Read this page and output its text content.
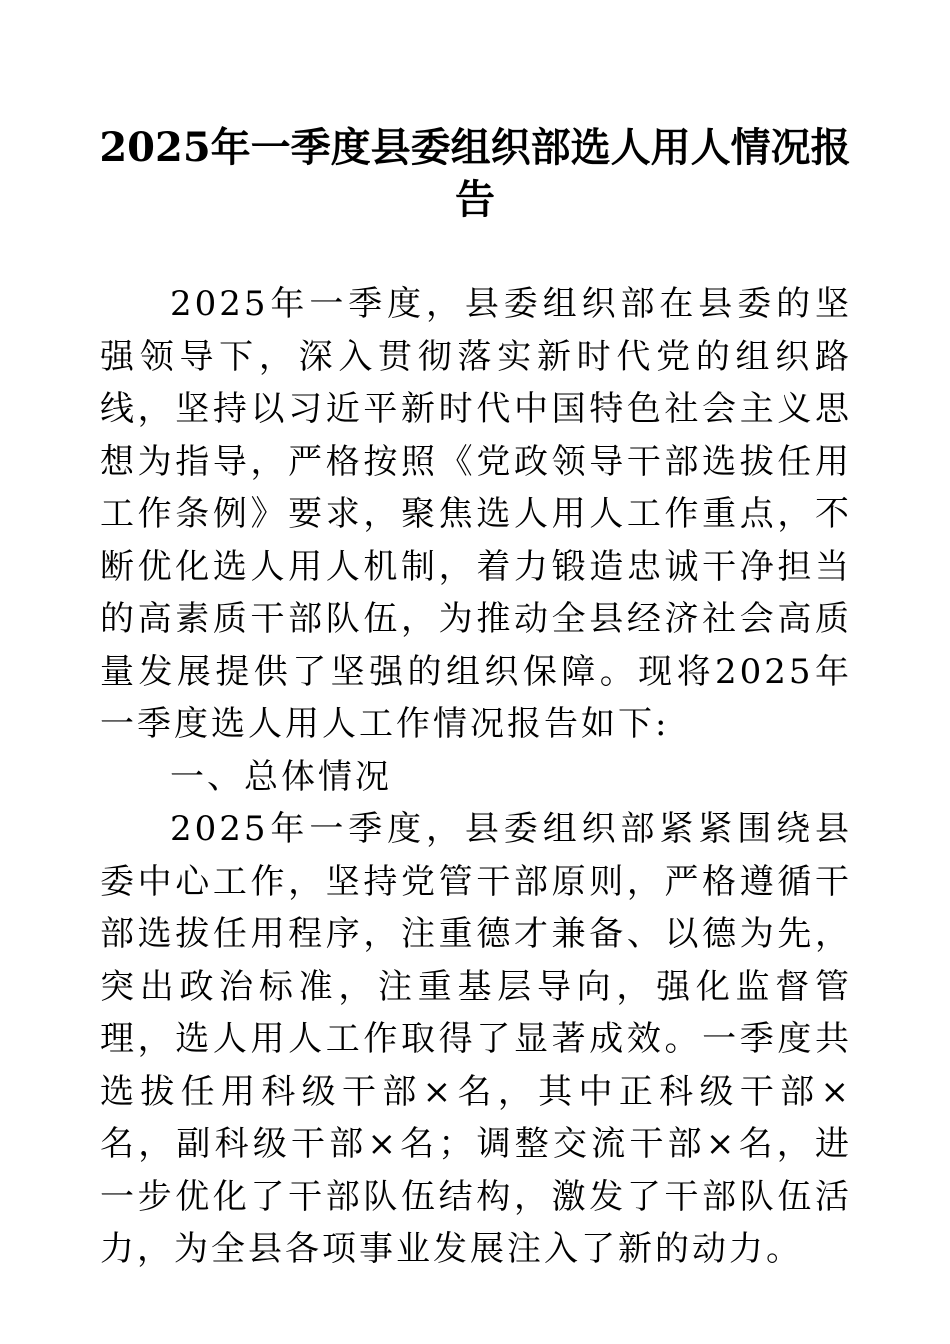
2025年一季度县委组织部选人用人情况报告

2025年一季度，县委组织部在县委的坚强领导下，深入贯彻落实新时代党的组织路线，坚持以习近平新时代中国特色社会主义思想为指导，严格按照《党政领导干部选拔任用工作条例》要求，聚焦选人用人工作重点，不断优化选人用人机制，着力锻造忠诚干净担当的高素质干部队伍，为推动全县经济社会高质量发展提供了坚强的组织保障。现将2025年一季度选人用人工作情况报告如下:

一、总体情况

2025年一季度，县委组织部紧紧围绕县委中心工作，坚持党管干部原则，严格遵循干部选拔任用程序，注重德才兼备、以德为先，突出政治标准，注重基层导向，强化监督管理，选人用人工作取得了显著成效。一季度共选拔任用科级干部×名，其中正科级干部×名，副科级干部×名；调整交流干部×名，进一步优化了干部队伍结构，激发了干部队伍活力，为全县各项事业发展注入了新的动力。
